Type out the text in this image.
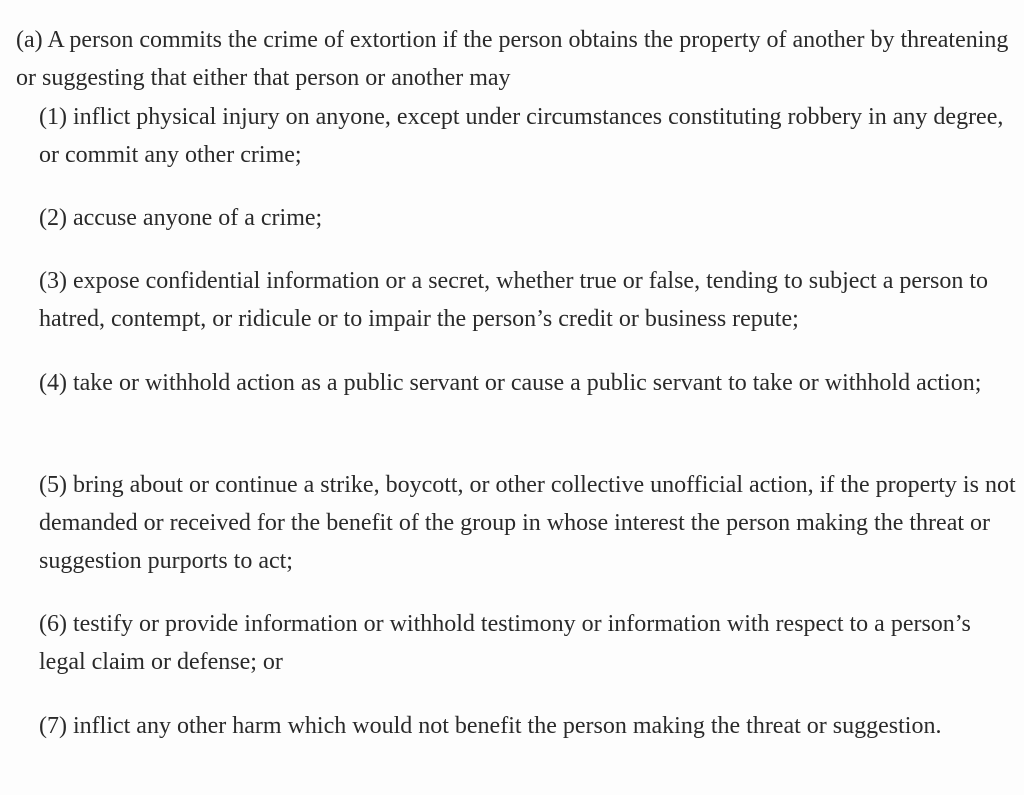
(a) A person commits the crime of extortion if the person obtains the property of another by threatening or suggesting that either that person or another may

(1) inflict physical injury on anyone, except under circumstances constituting robbery in any degree, or commit any other crime;

(2) accuse anyone of a crime;

(3) expose confidential information or a secret, whether true or false, tending to subject a person to hatred, contempt, or ridicule or to impair the person’s credit or business repute;

(4) take or withhold action as a public servant or cause a public servant to take or withhold action;

(5) bring about or continue a strike, boycott, or other collective unofficial action, if the property is not demanded or received for the benefit of the group in whose interest the person making the threat or suggestion purports to act;

(6) testify or provide information or withhold testimony or information with respect to a person’s legal claim or defense; or

(7) inflict any other harm which would not benefit the person making the threat or suggestion.
